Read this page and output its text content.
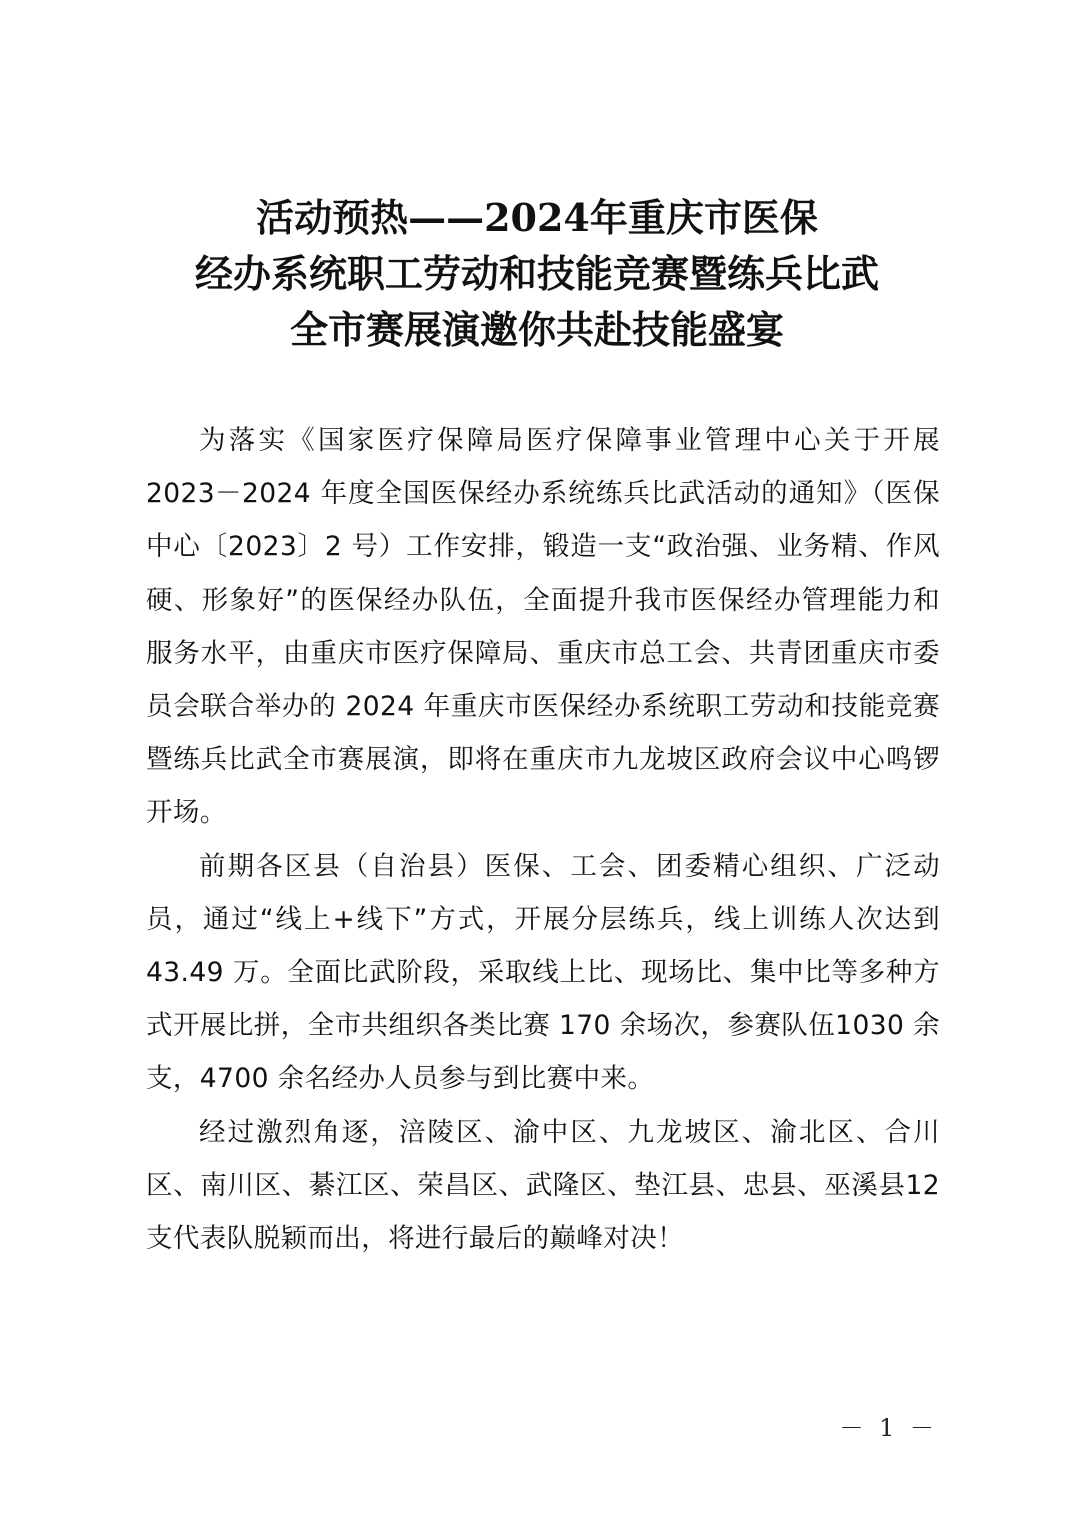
活动预热——2024年重庆市医保
经办系统职工劳动和技能竞赛暨练兵比武
全市赛展演邀你共赴技能盛宴

为落实《国家医疗保障局医疗保障事业管理中心关于开展2023－2024 年度全国医保经办系统练兵比武活动的通知》（医保中心〔2023〕2 号）工作安排，锻造一支“政治强、业务精、作风硬、形象好”的医保经办队伍，全面提升我市医保经办管理能力和服务水平，由重庆市医疗保障局、重庆市总工会、共青团重庆市委员会联合举办的 2024 年重庆市医保经办系统职工劳动和技能竞赛暨练兵比武全市赛展演，即将在重庆市九龙坡区政府会议中心鸣锣开场。

前期各区县（自治县）医保、工会、团委精心组织、广泛动员，通过“线上+线下”方式，开展分层练兵，线上训练人次达到 43.49 万。全面比武阶段，采取线上比、现场比、集中比等多种方式开展比拼，全市共组织各类比赛 170 余场次，参赛队伍1030 余支，4700 余名经办人员参与到比赛中来。

经过激烈角逐，涪陵区、渝中区、九龙坡区、渝北区、合川区、南川区、綦江区、荣昌区、武隆区、垫江县、忠县、巫溪县12 支代表队脱颖而出，将进行最后的巅峰对决！

－ 1 －
